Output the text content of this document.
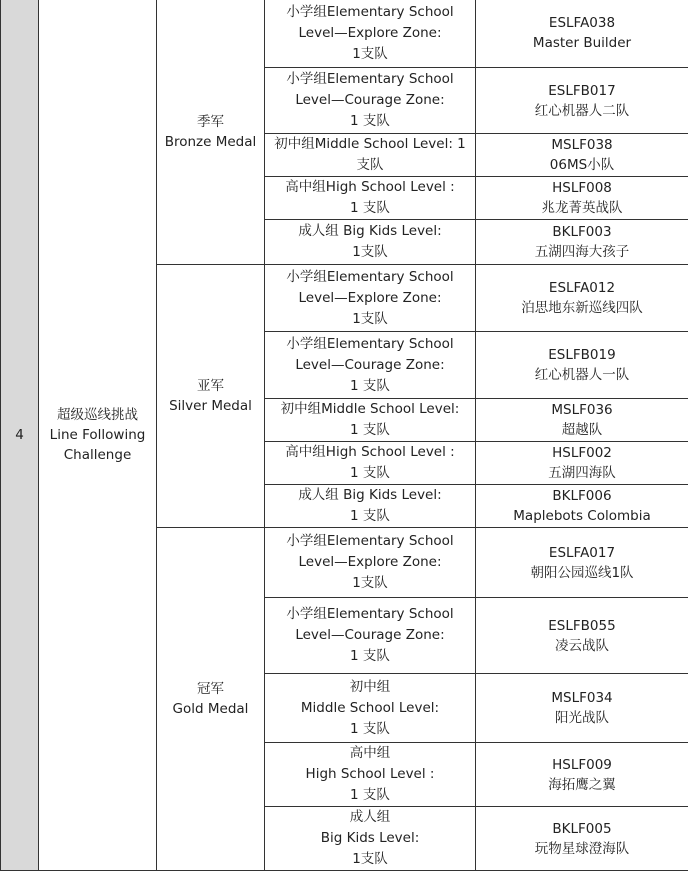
4	超级巡线挑战
Line Following
Challenge	季军
Bronze Medal	小学组Elementary School
Level—Explore Zone:
1支队	ESLFA038
Master Builder

			小学组Elementary School
Level—Courage Zone:
1 支队	ESLFB017
红心机器人二队

			初中组Middle School Level: 1
支队	MSLF038
06MS小队

			高中组High School Level :
1 支队	HSLF008
兆龙菁英战队

			成人组 Big Kids Level:
1支队	BKLF003
五湖四海大孩子

		亚军
Silver Medal	小学组Elementary School
Level—Explore Zone:
1支队	ESLFA012
泊思地东新巡线四队

			小学组Elementary School
Level—Courage Zone:
1 支队	ESLFB019
红心机器人一队

			初中组Middle School Level:
1 支队	MSLF036
超越队

			高中组High School Level :
1 支队	HSLF002
五湖四海队

			成人组 Big Kids Level:
1 支队	BKLF006
Maplebots Colombia

		冠军
Gold Medal	小学组Elementary School
Level—Explore Zone:
1支队	ESLFA017
朝阳公园巡线1队

			小学组Elementary School
Level—Courage Zone:
1 支队	ESLFB055
凌云战队

			初中组
Middle School Level:
1 支队	MSLF034
阳光战队

			高中组
High School Level :
1 支队	HSLF009
海拓鹰之翼

			成人组
Big Kids Level:
1支队	BKLF005
玩物星球澄海队
